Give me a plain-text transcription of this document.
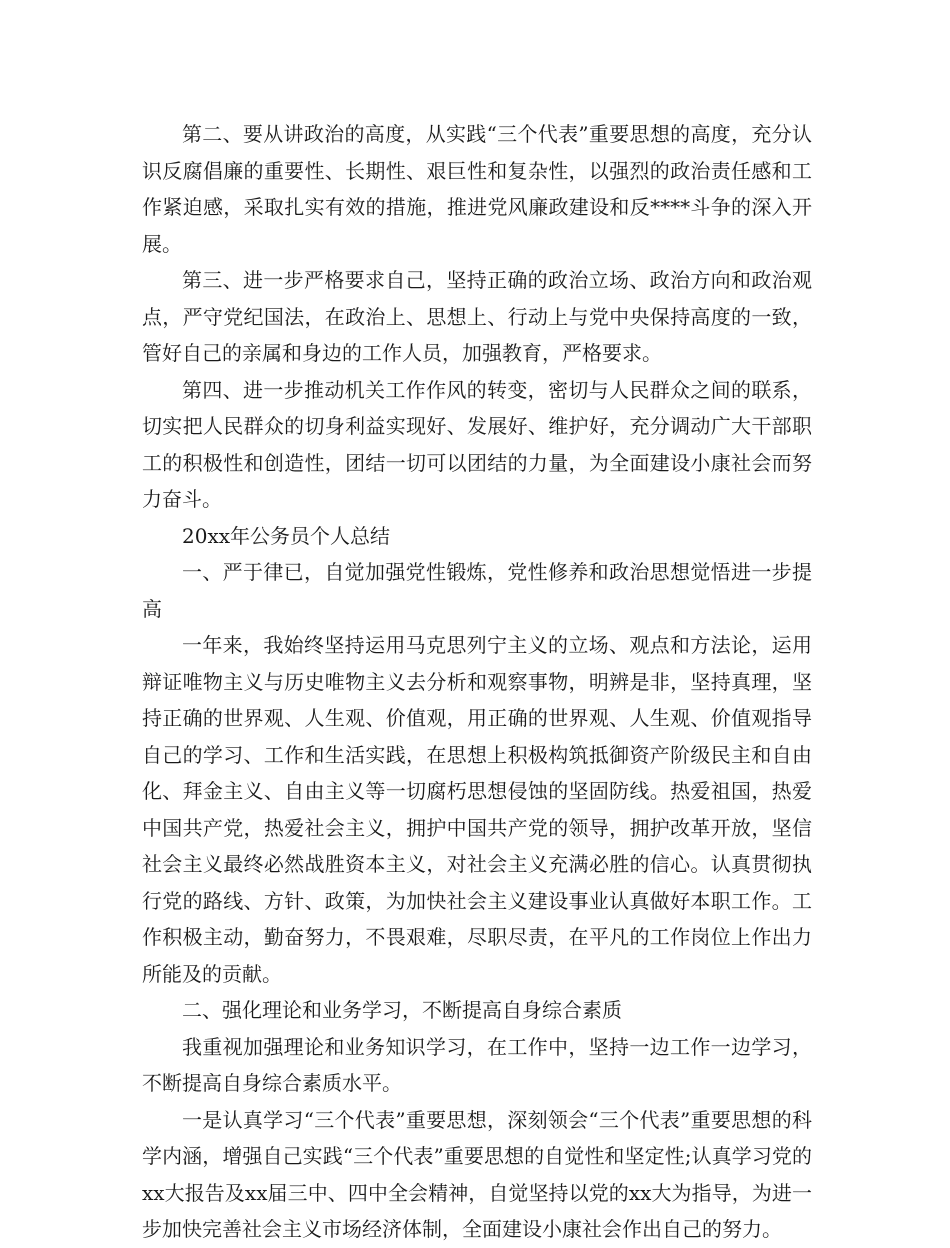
第二、要从讲政治的高度，从实践“三个代表”重要思想的高度，充分认识反腐倡廉的重要性、长期性、艰巨性和复杂性，以强烈的政治责任感和工作紧迫感，采取扎实有效的措施，推进党风廉政建设和反****斗争的深入开展。

第三、进一步严格要求自己，坚持正确的政治立场、政治方向和政治观点，严守党纪国法，在政治上、思想上、行动上与党中央保持高度的一致，管好自己的亲属和身边的工作人员，加强教育，严格要求。

第四、进一步推动机关工作作风的转变，密切与人民群众之间的联系，切实把人民群众的切身利益实现好、发展好、维护好，充分调动广大干部职工的积极性和创造性，团结一切可以团结的力量，为全面建设小康社会而努力奋斗。

20xx年公务员个人总结

一、严于律已，自觉加强党性锻炼，党性修养和政治思想觉悟进一步提高

一年来，我始终坚持运用马克思列宁主义的立场、观点和方法论，运用辩证唯物主义与历史唯物主义去分析和观察事物，明辨是非，坚持真理，坚持正确的世界观、人生观、价值观，用正确的世界观、人生观、价值观指导自己的学习、工作和生活实践，在思想上积极构筑抵御资产阶级民主和自由化、拜金主义、自由主义等一切腐朽思想侵蚀的坚固防线。热爱祖国，热爱中国共产党，热爱社会主义，拥护中国共产党的领导，拥护改革开放，坚信社会主义最终必然战胜资本主义，对社会主义充满必胜的信心。认真贯彻执行党的路线、方针、政策，为加快社会主义建设事业认真做好本职工作。工作积极主动，勤奋努力，不畏艰难，尽职尽责，在平凡的工作岗位上作出力所能及的贡献。

二、强化理论和业务学习，不断提高自身综合素质

我重视加强理论和业务知识学习，在工作中，坚持一边工作一边学习，不断提高自身综合素质水平。

一是认真学习“三个代表”重要思想，深刻领会“三个代表”重要思想的科学内涵，增强自己实践“三个代表”重要思想的自觉性和坚定性;认真学习党的xx大报告及xx届三中、四中全会精神，自觉坚持以党的xx大为指导，为进一步加快完善社会主义市场经济体制，全面建设小康社会作出自己的努力。
